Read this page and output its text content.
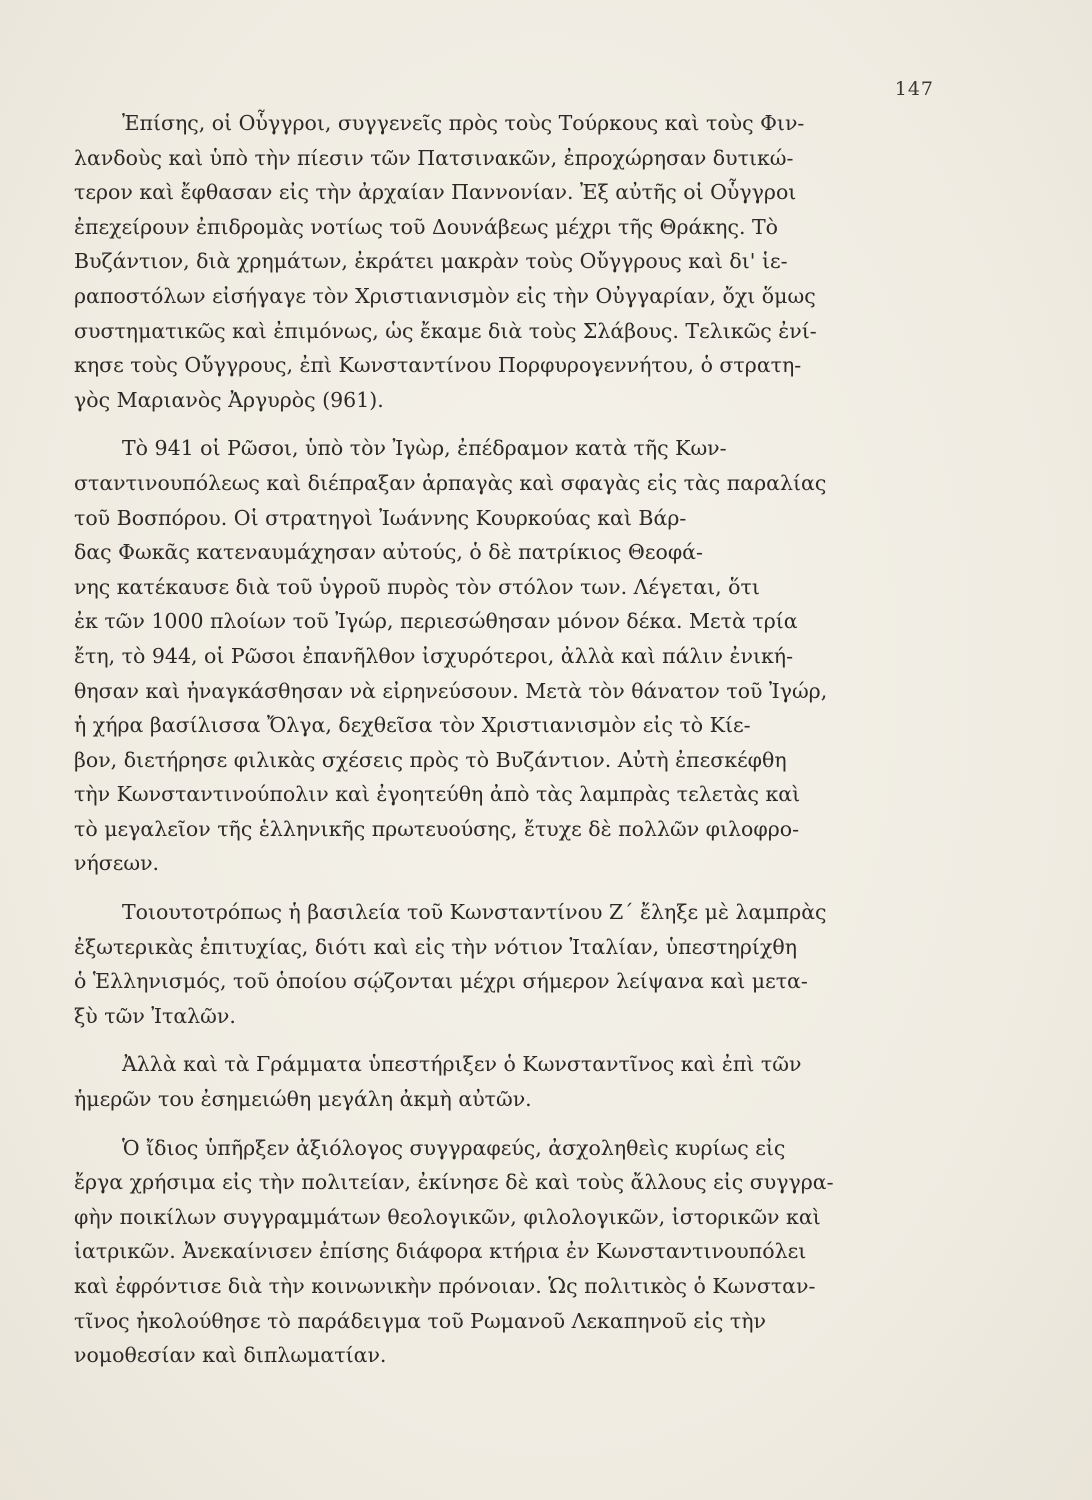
147

Ἐπίσης, οἱ Οὗγγροι, συγγενεῖς πρὸς τοὺς Τούρκους καὶ τοὺς Φιν-
λανδοὺς καὶ ὑπὸ τὴν πίεσιν τῶν Πατσινακῶν, ἐπροχώρησαν δυτικώ-
τερον καὶ ἔφθασαν εἰς τὴν ἀρχαίαν Παννονίαν. Ἐξ αὐτῆς οἱ Οὗγγροι
ἐπεχείρουν ἐπιδρομὰς νοτίως τοῦ Δουνάβεως μέχρι τῆς Θράκης. Τὸ
Βυζάντιον, διὰ χρημάτων, ἐκράτει μακρὰν τοὺς Οὔγγρους καὶ δι' ἱε-
ραποστόλων εἰσήγαγε τὸν Χριστιανισμὸν εἰς τὴν Οὐγγαρίαν, ὄχι ὅμως
συστηματικῶς καὶ ἐπιμόνως, ὡς ἔκαμε διὰ τοὺς Σλάβους. Τελικῶς ἐνί-
κησε τοὺς Οὔγγρους, ἐπὶ Κωνσταντίνου Πορφυρογεννήτου, ὁ στρατη-
γὸς Μαριανὸς Ἀργυρὸς (961).

Τὸ 941 οἱ Ρῶσοι, ὑπὸ τὸν Ἰγὼρ, ἐπέδραμον κατὰ τῆς Κων-
σταντινουπόλεως καὶ διέπραξαν ἁρπαγὰς καὶ σφαγὰς εἰς τὰς παραλίας
τοῦ Βοσπόρου. Οἱ στρατηγοὶ Ἰωάννης Κουρκούας καὶ Βάρ-
δας Φωκᾶς κατεναυμάχησαν αὐτούς, ὁ δὲ πατρίκιος Θεοφά-
νης κατέκαυσε διὰ τοῦ ὑγροῦ πυρὸς τὸν στόλον των. Λέγεται, ὅτι
ἐκ τῶν 1000 πλοίων τοῦ Ἰγώρ, περιεσώθησαν μόνον δέκα. Μετὰ τρία
ἔτη, τὸ 944, οἱ Ρῶσοι ἐπανῆλθον ἰσχυρότεροι, ἀλλὰ καὶ πάλιν ἐνική-
θησαν καὶ ἠναγκάσθησαν νὰ εἰρηνεύσουν. Μετὰ τὸν θάνατον τοῦ Ἰγώρ,
ἡ χήρα βασίλισσα Ὄλγα, δεχθεῖσα τὸν Χριστιανισμὸν εἰς τὸ Κίε-
βον, διετήρησε φιλικὰς σχέσεις πρὸς τὸ Βυζάντιον. Αὐτὴ ἐπεσκέφθη
τὴν Κωνσταντινούπολιν καὶ ἐγοητεύθη ἀπὸ τὰς λαμπρὰς τελετὰς καὶ
τὸ μεγαλεῖον τῆς ἑλληνικῆς πρωτευούσης, ἔτυχε δὲ πολλῶν φιλοφρο-
νήσεων.

Τοιουτοτρόπως ἡ βασιλεία τοῦ Κωνσταντίνου Ζ΄ ἔληξε μὲ λαμπρὰς
ἐξωτερικὰς ἐπιτυχίας, διότι καὶ εἰς τὴν νότιον Ἰταλίαν, ὑπεστηρίχθη
ὁ Ἑλληνισμός, τοῦ ὁποίου σῴζονται μέχρι σήμερον λείψανα καὶ μετα-
ξὺ τῶν Ἰταλῶν.

Ἀλλὰ καὶ τὰ Γράμματα ὑπεστήριξεν ὁ Κωνσταντῖνος καὶ ἐπὶ τῶν
ἡμερῶν του ἐσημειώθη μεγάλη ἀκμὴ αὐτῶν.

Ὁ ἴδιος ὑπῆρξεν ἀξιόλογος συγγραφεύς, ἀσχοληθεὶς κυρίως εἰς
ἔργα χρήσιμα εἰς τὴν πολιτείαν, ἐκίνησε δὲ καὶ τοὺς ἄλλους εἰς συγγρα-
φὴν ποικίλων συγγραμμάτων θεολογικῶν, φιλολογικῶν, ἱστορικῶν καὶ
ἰατρικῶν. Ἀνεκαίνισεν ἐπίσης διάφορα κτήρια ἐν Κωνσταντινουπόλει
καὶ ἐφρόντισε διὰ τὴν κοινωνικὴν πρόνοιαν. Ὡς πολιτικὸς ὁ Κωνσταν-
τῖνος ἠκολούθησε τὸ παράδειγμα τοῦ Ρωμανοῦ Λεκαπηνοῦ εἰς τὴν
νομοθεσίαν καὶ διπλωματίαν.
